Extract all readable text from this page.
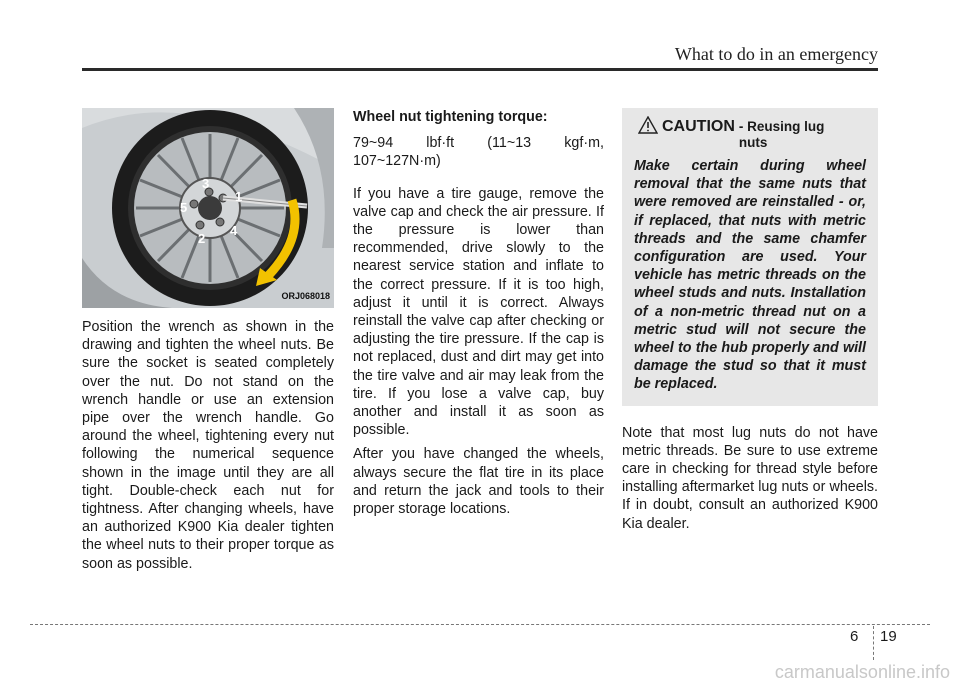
What to do in an emergency
1
2
3
4
5
ORJ068018

Position the wrench as shown in the drawing and tighten the wheel nuts. Be sure the socket is seated completely over the nut. Do not stand on the wrench handle or use an extension pipe over the wrench handle. Go around the wheel, tightening every nut following the numerical sequence shown in the image until they are all tight. Double-check each nut for tightness. After changing wheels, have an authorized K900 Kia dealer tighten the wheel nuts to their proper torque as soon as possible.

Wheel nut tightening torque:

79~94 lbf·ft (11~13 kgf·m, 107~127N·m)

If you have a tire gauge, remove the valve cap and check the air pressure. If the pressure is lower than recommended, drive slowly to the nearest service station and inflate to the correct pressure. If it is too high, adjust it until it is correct. Always reinstall the valve cap after checking or adjusting the tire pressure. If the cap is not replaced, dust and dirt may get into the tire valve and air may leak from the tire. If you lose a valve cap, buy another and install it as soon as possible.

After you have changed the wheels, always secure the flat tire in its place and return the jack and tools to their proper storage locations.

CAUTION - Reusing lug nuts
Make certain during wheel removal that the same nuts that were removed are reinstalled - or, if replaced, that nuts with metric threads and the same chamfer configuration are used. Your vehicle has metric threads on the wheel studs and nuts. Installation of a non-metric thread nut on a metric stud will not secure the wheel to the hub properly and will damage the stud so that it must be replaced.

Note that most lug nuts do not have metric threads. Be sure to use extreme care in checking for thread style before installing aftermarket lug nuts or wheels. If in doubt, consult an authorized K900 Kia dealer.

6 19
carmanualsonline.info
